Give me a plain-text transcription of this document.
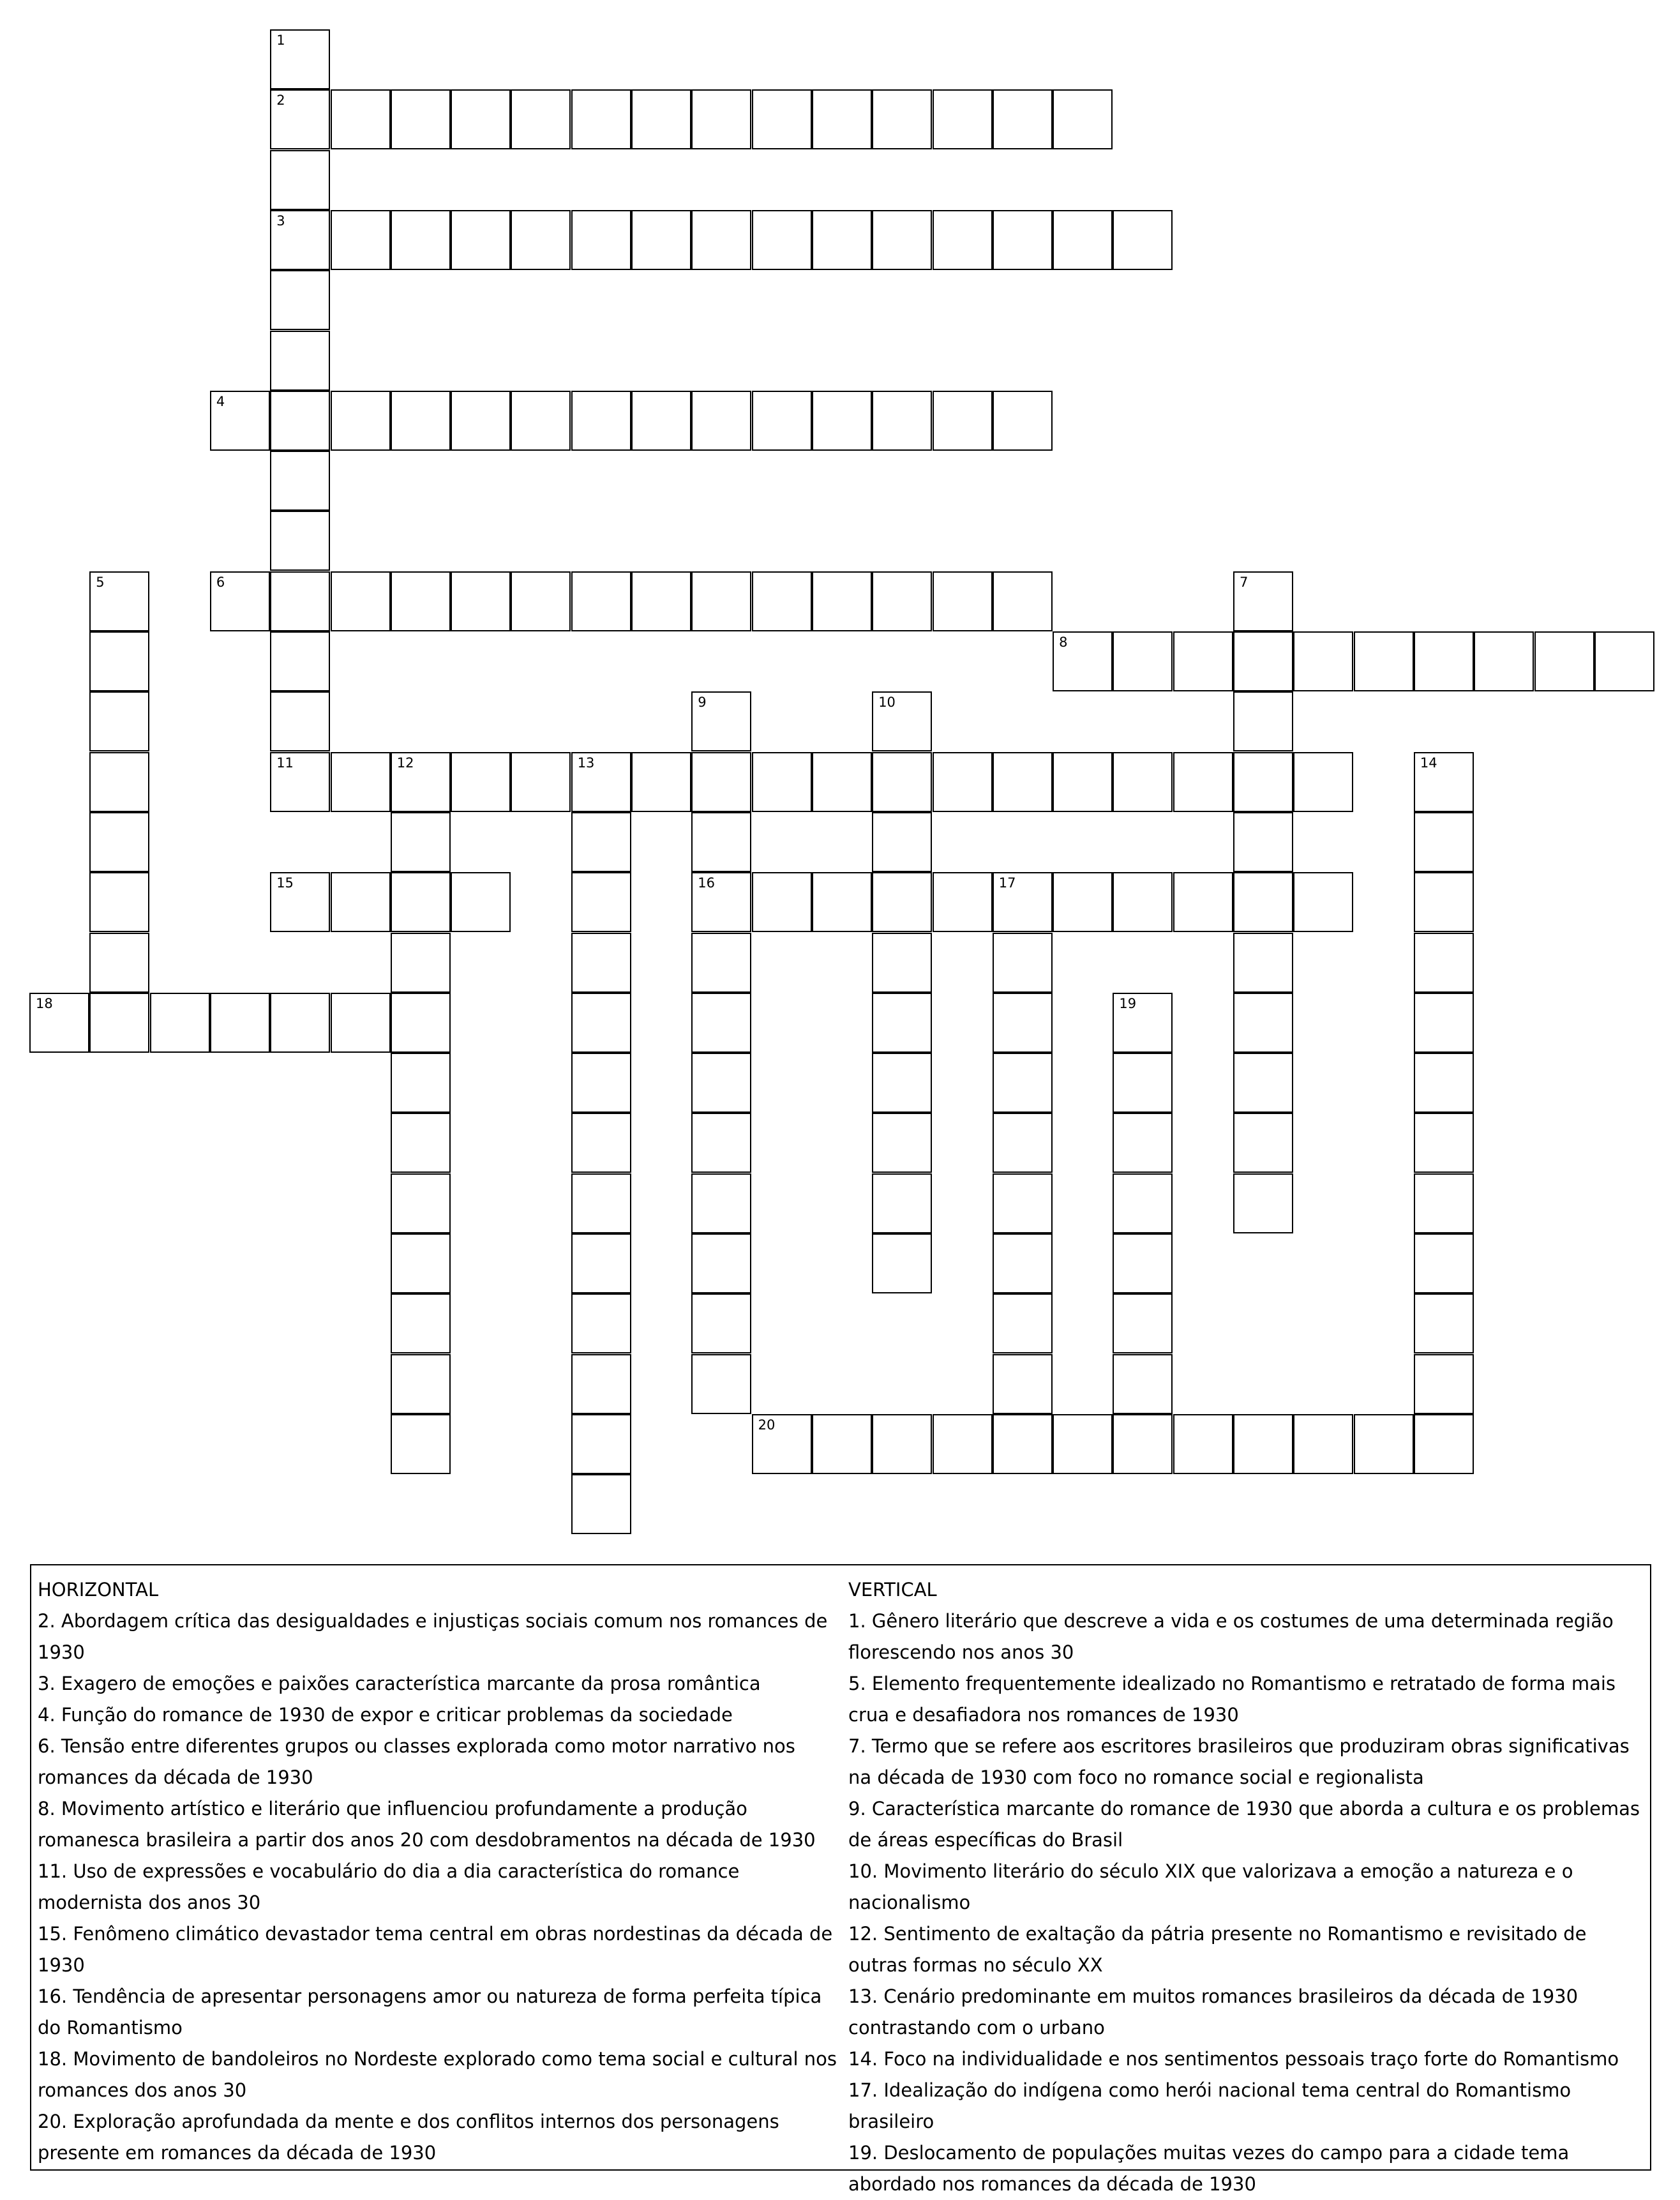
1
2
3
11
4
5	6	7
8
9
16
10
12	13	14
15	17
18	19
20

HORIZONTAL

2. Abordagem crítica das desigualdades e injustiças sociais comum nos romances de 1930

3. Exagero de emoções e paixões característica marcante da prosa romântica

4. Função do romance de 1930 de expor e criticar problemas da sociedade

6. Tensão entre diferentes grupos ou classes explorada como motor narrativo nos romances da década de 1930

8. Movimento artístico e literário que influenciou profundamente a produção romanesca brasileira a partir dos anos 20 com desdobramentos na década de 1930

11. Uso de expressões e vocabulário do dia a dia característica do romance modernista dos anos 30

15. Fenômeno climático devastador tema central em obras nordestinas da década de 1930

16. Tendência de apresentar personagens amor ou natureza de forma perfeita típica do Romantismo

18. Movimento de bandoleiros no Nordeste explorado como tema social e cultural nos romances dos anos 30

20. Exploração aprofundada da mente e dos conflitos internos dos personagens presente em romances da década de 1930

VERTICAL

1. Gênero literário que descreve a vida e os costumes de uma determinada região florescendo nos anos 30

5. Elemento frequentemente idealizado no Romantismo e retratado de forma mais crua e desafiadora nos romances de 1930

7. Termo que se refere aos escritores brasileiros que produziram obras significativas na década de 1930 com foco no romance social e regionalista

9. Característica marcante do romance de 1930 que aborda a cultura e os problemas de áreas específicas do Brasil

10. Movimento literário do século XIX que valorizava a emoção a natureza e o nacionalismo

12. Sentimento de exaltação da pátria presente no Romantismo e revisitado de outras formas no século XX

13. Cenário predominante em muitos romances brasileiros da década de 1930 contrastando com o urbano

14. Foco na individualidade e nos sentimentos pessoais traço forte do Romantismo

17. Idealização do indígena como herói nacional tema central do Romantismo brasileiro

19. Deslocamento de populações muitas vezes do campo para a cidade tema abordado nos romances da década de 1930
